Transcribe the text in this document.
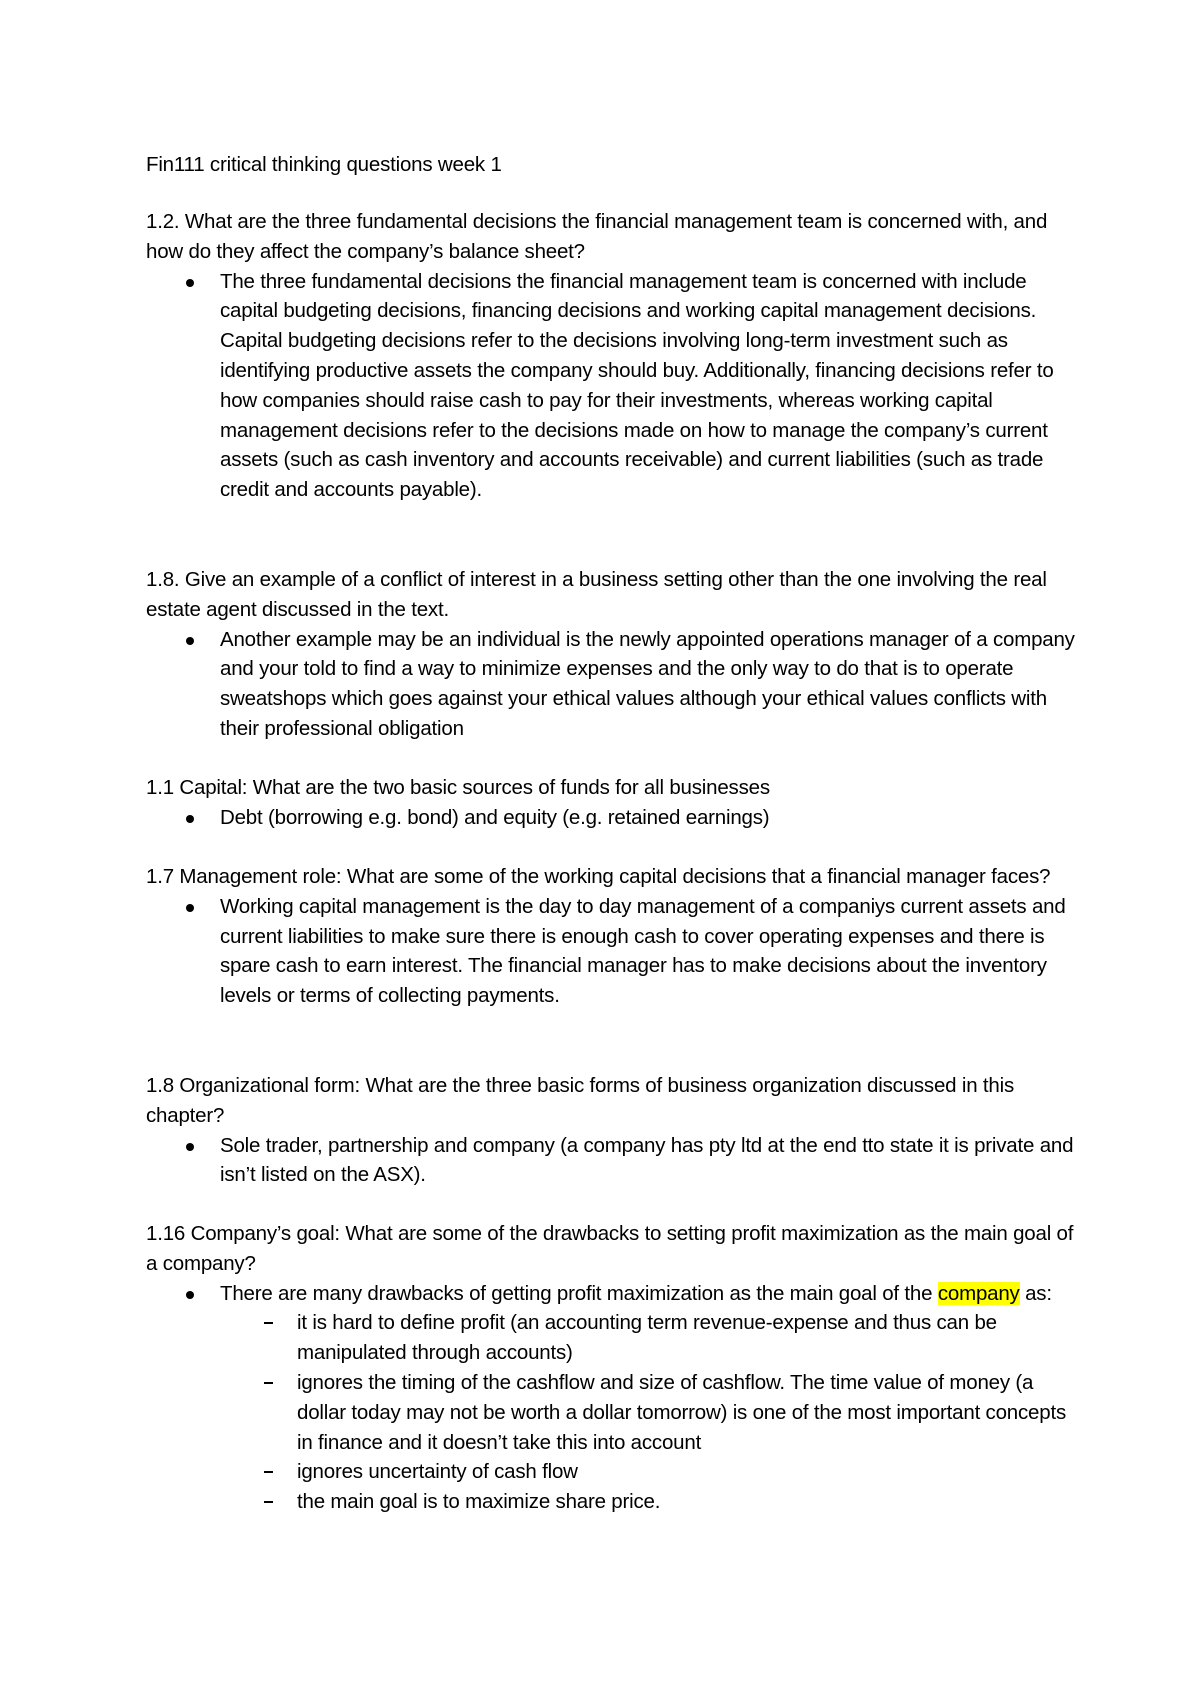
Fin111 critical thinking questions week 1
1.2. What are the three fundamental decisions the financial management team is concerned with, and how do they affect the company’s balance sheet?
The three fundamental decisions the financial management team is concerned with include capital budgeting decisions, financing decisions and working capital management decisions. Capital budgeting decisions refer to the decisions involving long-term investment such as identifying productive assets the company should buy. Additionally, financing decisions refer to how companies should raise cash to pay for their investments, whereas working capital management decisions refer to the decisions made on how to manage the company’s current assets (such as cash inventory and accounts receivable) and current liabilities (such as trade credit and accounts payable).
1.8. Give an example of a conflict of interest in a business setting other than the one involving the real estate agent discussed in the text.
Another example may be an individual is the newly appointed operations manager of a company and your told to find a way to minimize expenses and the only way to do that is to operate sweatshops which goes against your ethical values although your ethical values conflicts with their professional obligation
1.1 Capital: What are the two basic sources of funds for all businesses
Debt (borrowing e.g. bond) and equity (e.g. retained earnings)
1.7 Management role: What are some of the working capital decisions that a financial manager faces?
Working capital management is the day to day management of a companiys current assets and current liabilities to make sure there is enough cash to cover operating expenses and there is spare cash to earn interest. The financial manager has to make decisions about the inventory levels or terms of collecting payments.
1.8 Organizational form: What are the three basic forms of business organization discussed in this chapter?
Sole trader, partnership and company (a company has pty ltd at the end tto state it is private and isn’t listed on the ASX).
1.16 Company’s goal: What are some of the drawbacks to setting profit maximization as the main goal of a company?
There are many drawbacks of getting profit maximization as the main goal of the company as:
it is hard to define profit (an accounting term revenue-expense and thus can be manipulated through accounts)
ignores the timing of the cashflow and size of cashflow. The time value of money (a dollar today may not be worth a dollar tomorrow) is one of the most important concepts in finance and it doesn’t take this into account
ignores uncertainty of cash flow
the main goal is to maximize share price.
